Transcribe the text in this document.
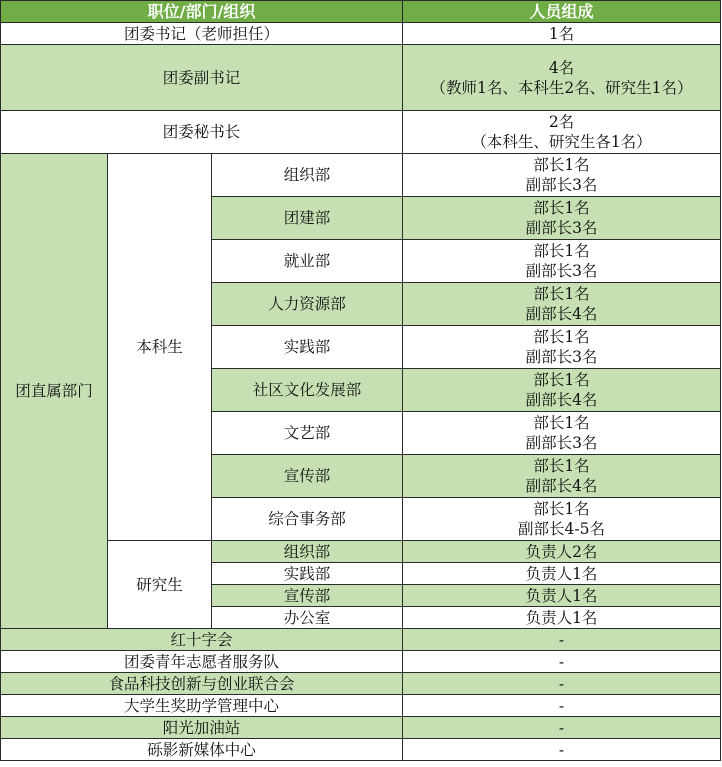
职位/部门/组织			人员组成
团委书记（老师担任）			1名
团委副书记			4名
（教师1名、本科生2名、研究生1名）

团委秘书长			2名
（本科生、研究生各1名）

团直属部门	本科生	组织部	部长1名
副部长3名

		团建部	部长1名
副部长3名

		就业部	部长1名
副部长3名

		人力资源部	部长1名
副部长4名

		实践部	部长1名
副部长3名

		社区文化发展部	部长1名
副部长4名

		文艺部	部长1名
副部长3名

		宣传部	部长1名
副部长4名

		综合事务部	部长1名
副部长4-5名

	研究生	组织部	负责人2名
		实践部	负责人1名
		宣传部	负责人1名
		办公室	负责人1名
红十字会			-
团委青年志愿者服务队			-
食品科技创新与创业联合会			-
大学生奖助学管理中心			-
阳光加油站			-
砾影新媒体中心			-
